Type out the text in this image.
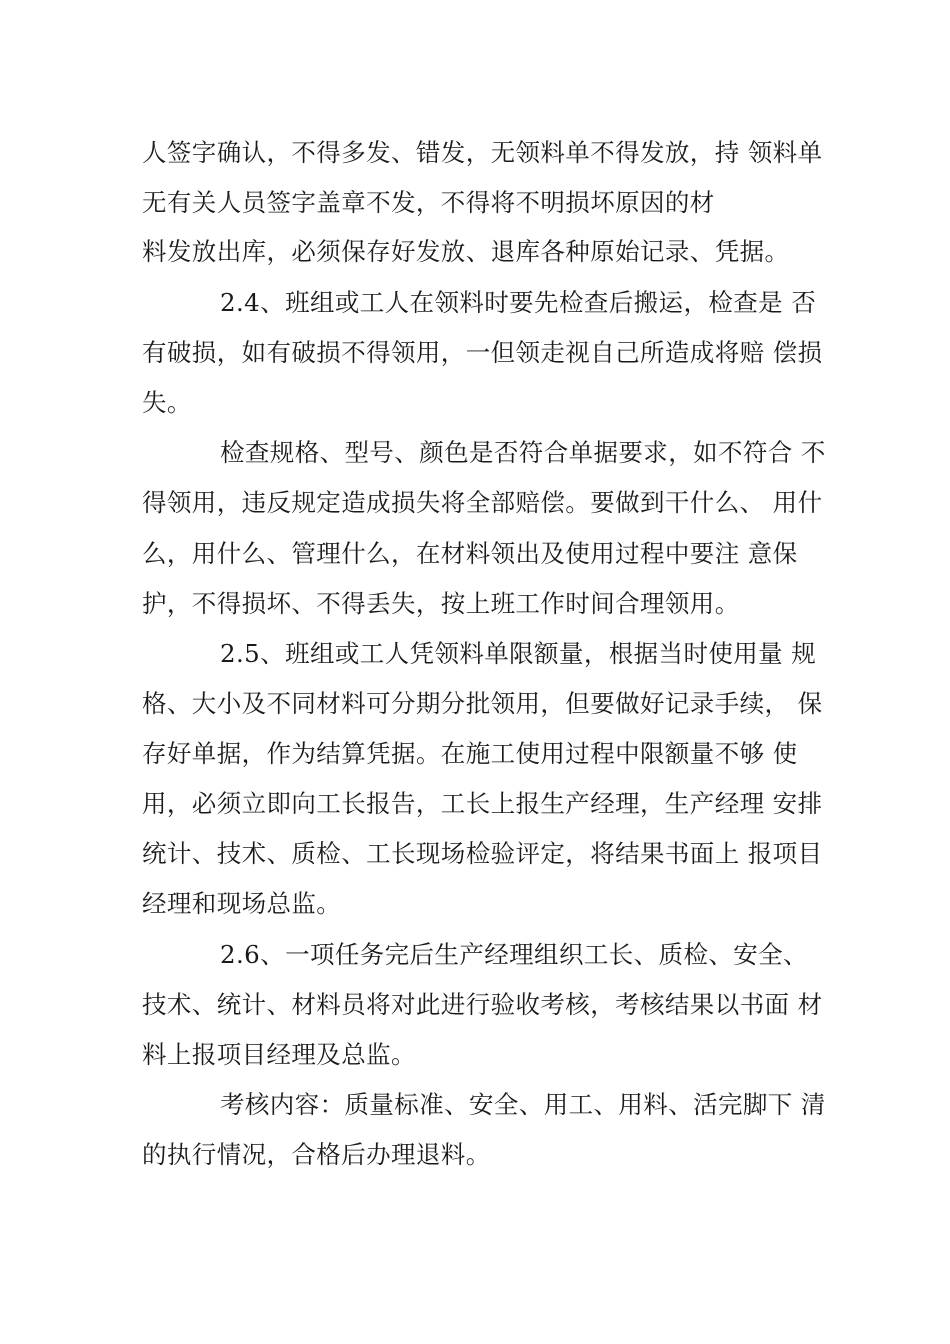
人签字确认，不得多发、错发，无领料单不得发放，持 领料单
无有关人员签字盖章不发，不得将不明损坏原因的材
料发放出库，必须保存好发放、退库各种原始记录、凭据。
2.4、班组或工人在领料时要先检查后搬运，检查是 否
有破损，如有破损不得领用，一但领走视自己所造成将赔 偿损
失。
检查规格、型号、颜色是否符合单据要求，如不符合 不
得领用，违反规定造成损失将全部赔偿。要做到干什么、 用什
么，用什么、管理什么，在材料领出及使用过程中要注 意保
护，不得损坏、不得丢失，按上班工作时间合理领用。
2.5、班组或工人凭领料单限额量，根据当时使用量 规
格、大小及不同材料可分期分批领用，但要做好记录手续， 保
存好单据，作为结算凭据。在施工使用过程中限额量不够 使
用，必须立即向工长报告，工长上报生产经理，生产经理 安排
统计、技术、质检、工长现场检验评定，将结果书面上 报项目
经理和现场总监。
2.6、一项任务完后生产经理组织工长、质检、安全、
技术、统计、材料员将对此进行验收考核，考核结果以书面 材
料上报项目经理及总监。
考核内容：质量标准、安全、用工、用料、活完脚下 清
的执行情况，合格后办理退料。
